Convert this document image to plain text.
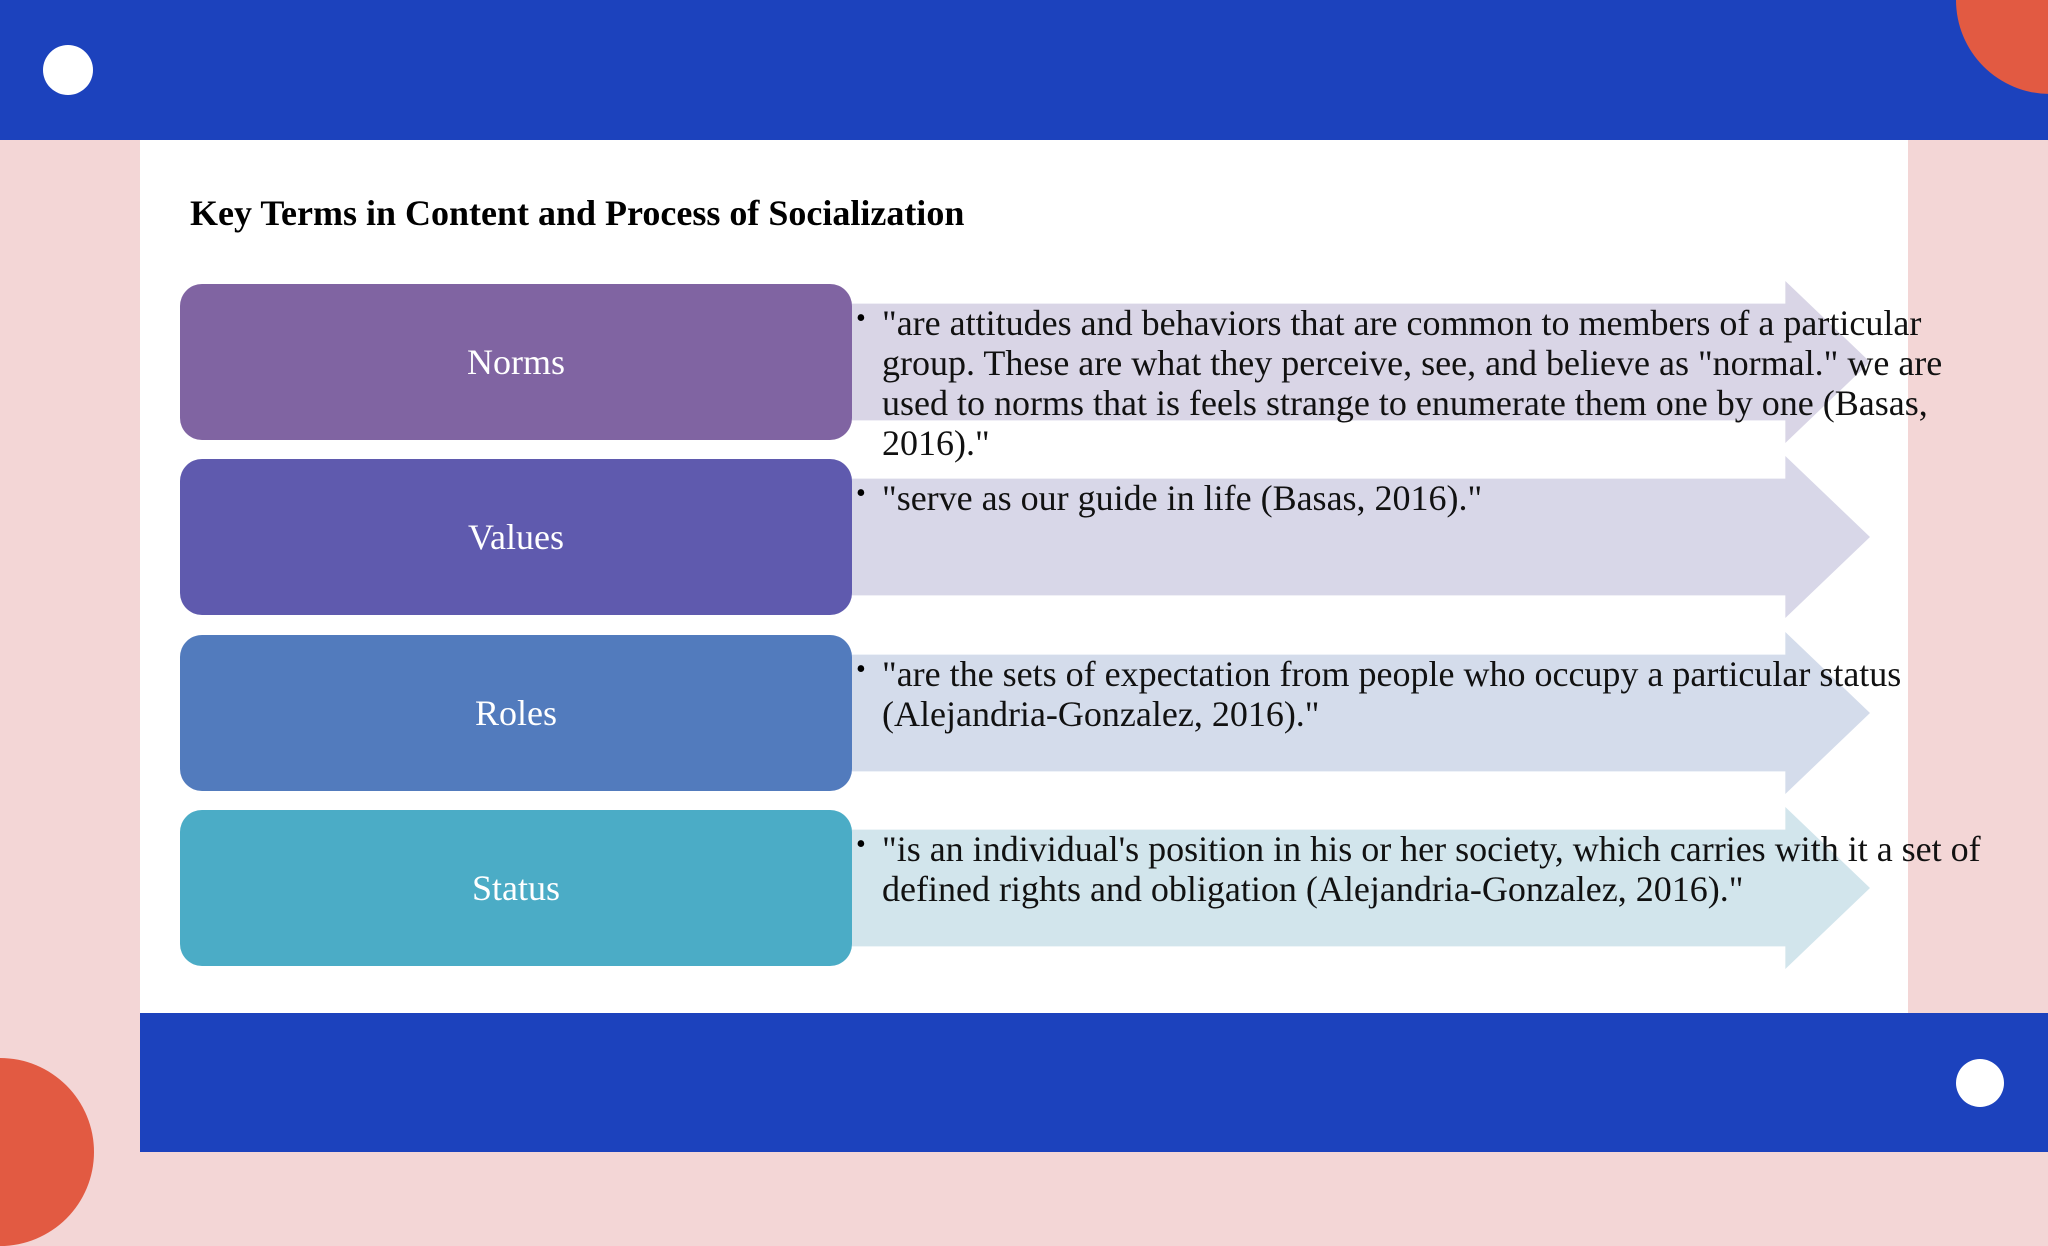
Key Terms in Content and Process of Socialization
Norms
• "are attitudes and behaviors that are common to members of a particular group. These are what they perceive, see, and believe as "normal." we are used to norms that is feels strange to enumerate them one by one (Basas, 2016)."
Values
• "serve as our guide in life (Basas, 2016)."
Roles
• "are the sets of expectation from people who occupy a particular status (Alejandria-Gonzalez, 2016)."
Status
• "is an individual's position in his or her society, which carries with it a set of defined rights and obligation (Alejandria-Gonzalez, 2016)."
